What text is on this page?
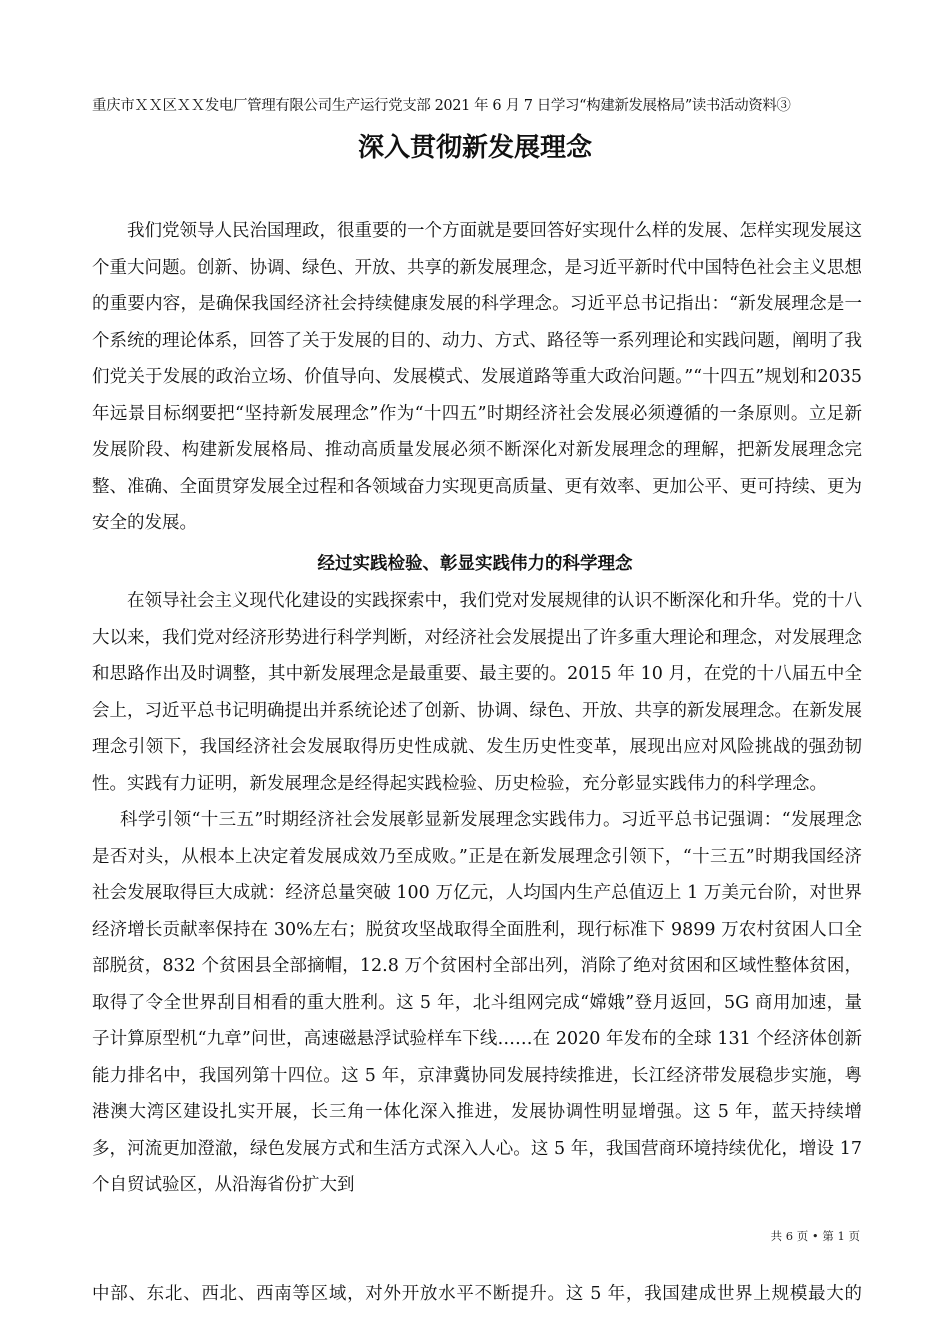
重庆市ＸＸ区ＸＸ发电厂管理有限公司生产运行党支部 2021 年 6 月 7 日学习“构建新发展格局”读书活动资料③
深入贯彻新发展理念

我们党领导人民治国理政，很重要的一个方面就是要回答好实现什么样的发展、怎样实现发展这个重大问题。创新、协调、绿色、开放、共享的新发展理念，是习近平新时代中国特色社会主义思想的重要内容，是确保我国经济社会持续健康发展的科学理念。习近平总书记指出：“新发展理念是一个系统的理论体系，回答了关于发展的目的、动力、方式、路径等一系列理论和实践问题，阐明了我们党关于发展的政治立场、价值导向、发展模式、发展道路等重大政治问题。”“十四五”规划和2035年远景目标纲要把“坚持新发展理念”作为“十四五”时期经济社会发展必须遵循的一条原则。立足新发展阶段、构建新发展格局、推动高质量发展必须不断深化对新发展理念的理解，把新发展理念完整、准确、全面贯穿发展全过程和各领域奋力实现更高质量、更有效率、更加公平、更可持续、更为安全的发展。

经过实践检验、彰显实践伟力的科学理念

在领导社会主义现代化建设的实践探索中，我们党对发展规律的认识不断深化和升华。党的十八大以来，我们党对经济形势进行科学判断，对经济社会发展提出了许多重大理论和理念，对发展理念和思路作出及时调整，其中新发展理念是最重要、最主要的。2015 年 10 月，在党的十八届五中全会上，习近平总书记明确提出并系统论述了创新、协调、绿色、开放、共享的新发展理念。在新发展理念引领下，我国经济社会发展取得历史性成就、发生历史性变革，展现出应对风险挑战的强劲韧性。实践有力证明，新发展理念是经得起实践检验、历史检验，充分彰显实践伟力的科学理念。

科学引领“十三五”时期经济社会发展彰显新发展理念实践伟力。习近平总书记强调：“发展理念是否对头，从根本上决定着发展成效乃至成败。”正是在新发展理念引领下，“十三五”时期我国经济社会发展取得巨大成就：经济总量突破 100 万亿元，人均国内生产总值迈上 1 万美元台阶，对世界经济增长贡献率保持在 30%左右；脱贫攻坚战取得全面胜利，现行标准下 9899 万农村贫困人口全部脱贫，832 个贫困县全部摘帽，12.8 万个贫困村全部出列，消除了绝对贫困和区域性整体贫困，取得了令全世界刮目相看的重大胜利。这 5 年，北斗组网完成“嫦娥”登月返回，5G 商用加速，量子计算原型机“九章”问世，高速磁悬浮试验样车下线……在 2020 年发布的全球 131 个经济体创新能力排名中，我国列第十四位。这 5 年，京津冀协同发展持续推进，长江经济带发展稳步实施，粤港澳大湾区建设扎实开展，长三角一体化深入推进，发展协调性明显增强。这 5 年，蓝天持续增多，河流更加澄澈，绿色发展方式和生活方式深入人心。这 5 年，我国营商环境持续优化，增设 17 个自贸试验区，从沿海省份扩大到

共 6 页 • 第 1 页
中部、东北、西北、西南等区域，对外开放水平不断提升。这 5 年，我国建成世界上规模最大的
